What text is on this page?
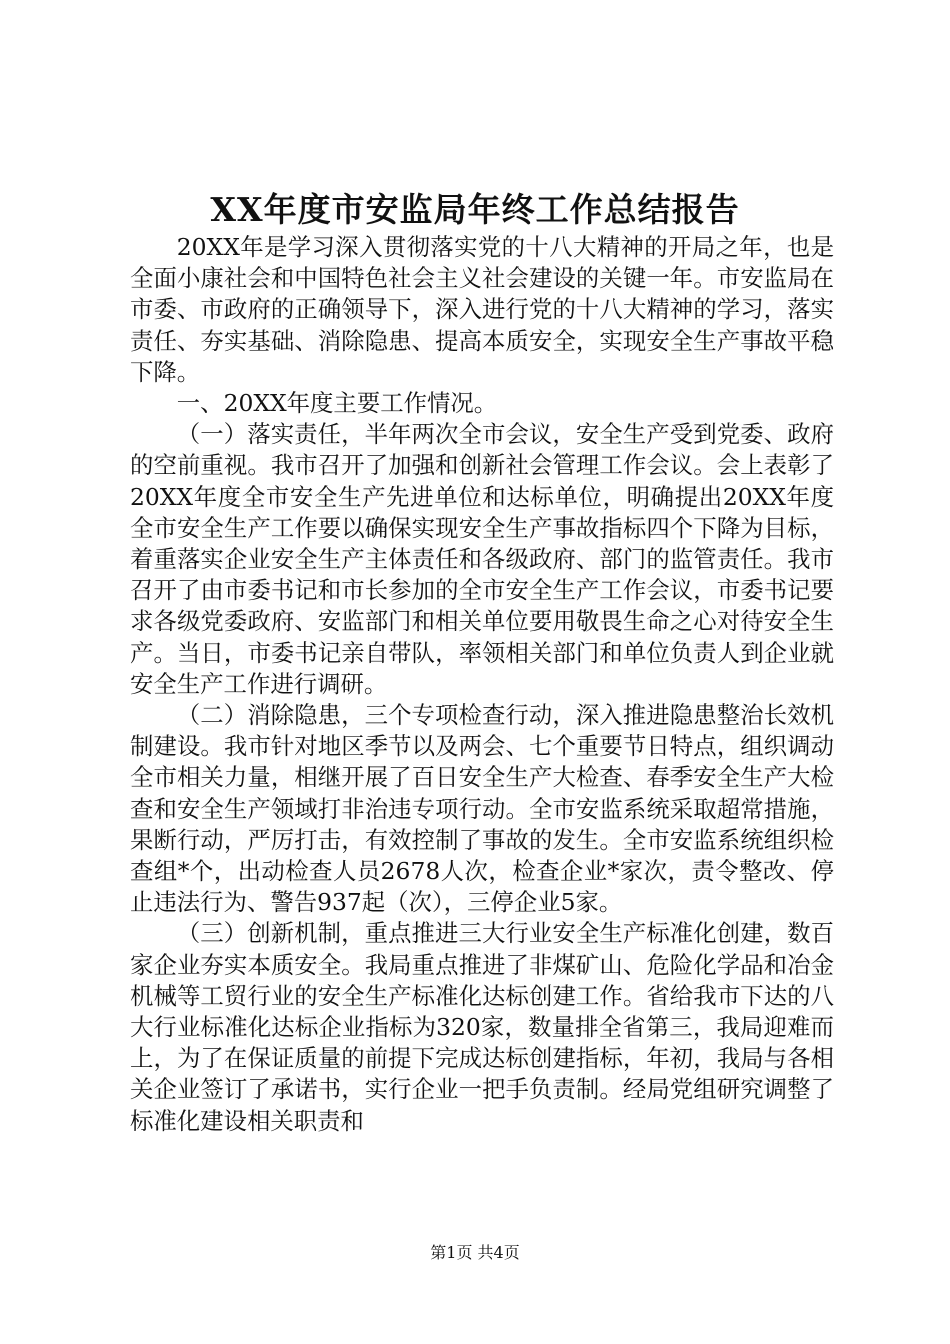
XX年度市安监局年终工作总结报告

20XX年是学习深入贯彻落实党的十八大精神的开局之年，也是全面小康社会和中国特色社会主义社会建设的关键一年。市安监局在市委、市政府的正确领导下，深入进行党的十八大精神的学习，落实责任、夯实基础、消除隐患、提高本质安全，实现安全生产事故平稳下降。

一、20XX年度主要工作情况。

（一）落实责任，半年两次全市会议，安全生产受到党委、政府的空前重视。我市召开了加强和创新社会管理工作会议。会上表彰了20XX年度全市安全生产先进单位和达标单位，明确提出20XX年度全市安全生产工作要以确保实现安全生产事故指标四个下降为目标，着重落实企业安全生产主体责任和各级政府、部门的监管责任。我市召开了由市委书记和市长参加的全市安全生产工作会议，市委书记要求各级党委政府、安监部门和相关单位要用敬畏生命之心对待安全生产。当日，市委书记亲自带队，率领相关部门和单位负责人到企业就安全生产工作进行调研。

（二）消除隐患，三个专项检查行动，深入推进隐患整治长效机制建设。我市针对地区季节以及两会、七个重要节日特点，组织调动全市相关力量，相继开展了百日安全生产大检查、春季安全生产大检查和安全生产领域打非治违专项行动。全市安监系统采取超常措施，果断行动，严厉打击，有效控制了事故的发生。全市安监系统组织检查组*个，出动检查人员2678人次，检查企业*家次，责令整改、停止违法行为、警告937起（次），三停企业5家。

（三）创新机制，重点推进三大行业安全生产标准化创建，数百家企业夯实本质安全。我局重点推进了非煤矿山、危险化学品和冶金机械等工贸行业的安全生产标准化达标创建工作。省给我市下达的八大行业标准化达标企业指标为320家，数量排全省第三，我局迎难而上，为了在保证质量的前提下完成达标创建指标，年初，我局与各相关企业签订了承诺书，实行企业一把手负责制。经局党组研究调整了标准化建设相关职责和

第1页 共4页
